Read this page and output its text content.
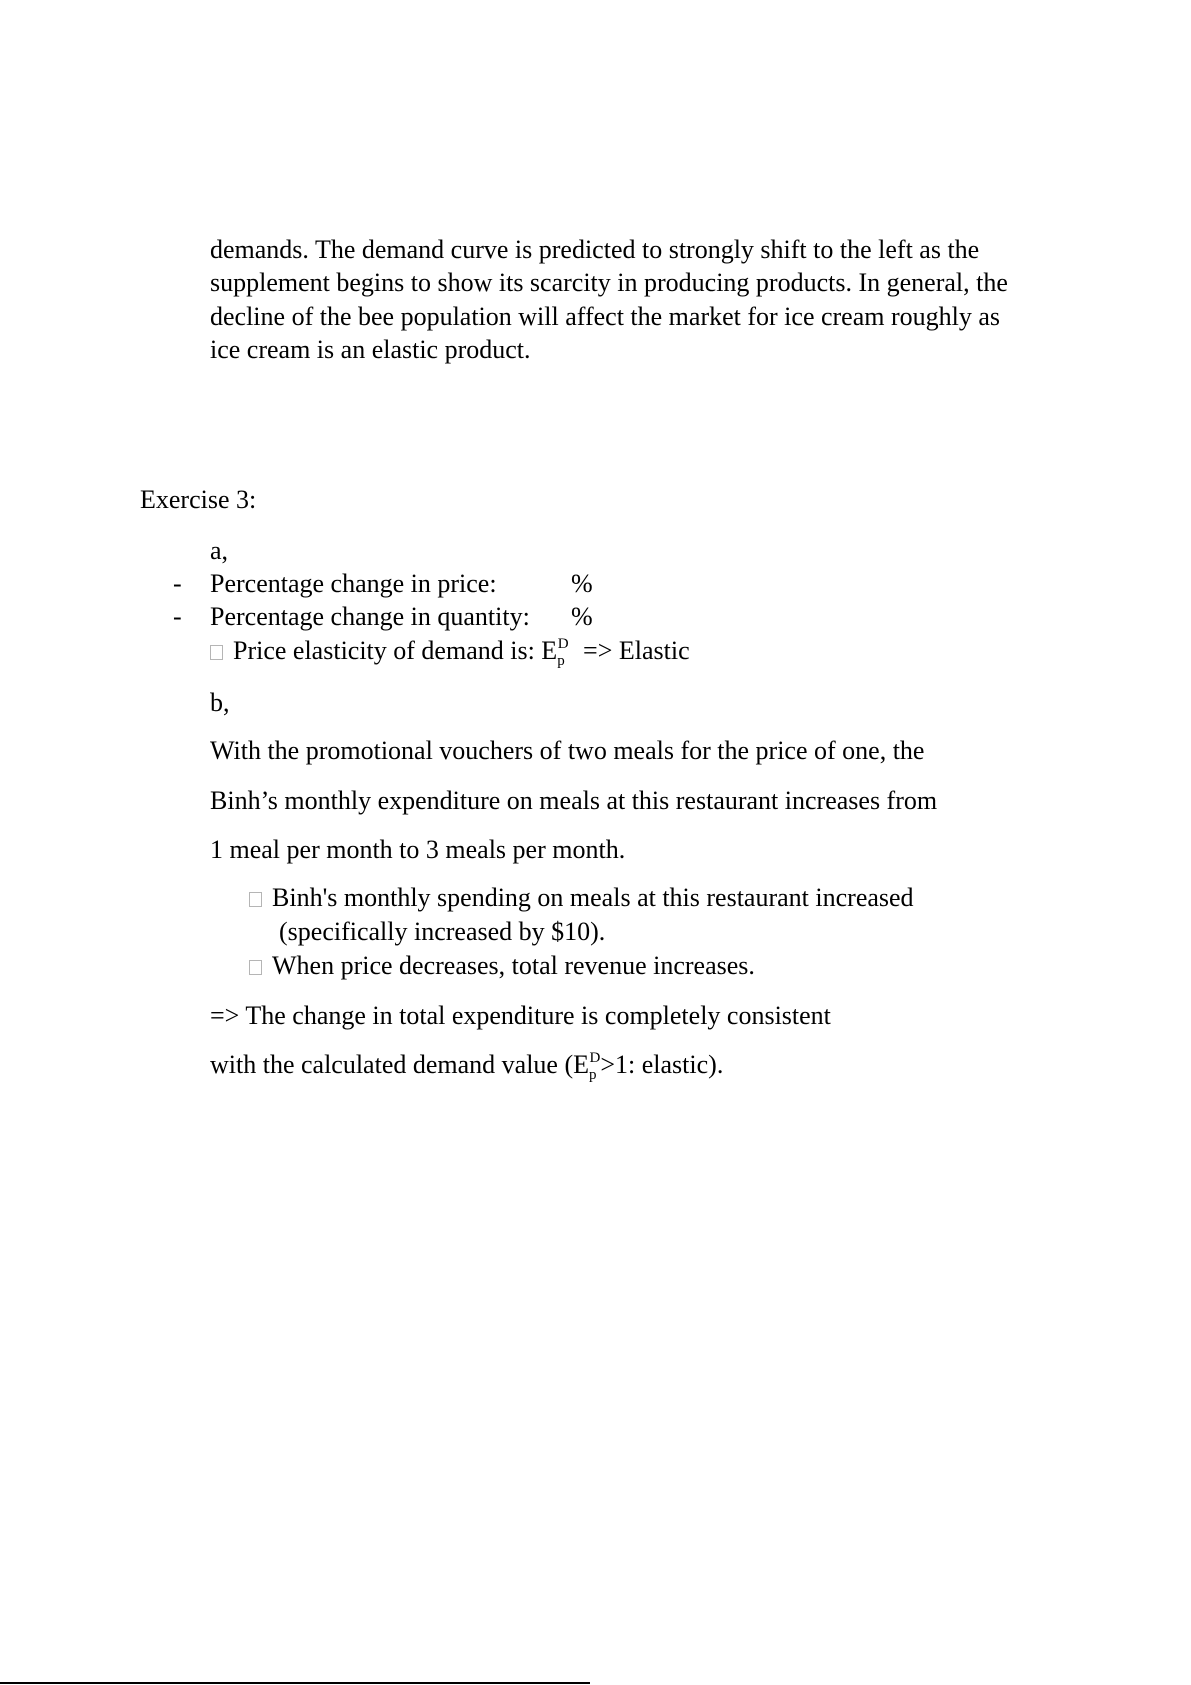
demands. The demand curve is predicted to strongly shift to the left as the
supplement begins to show its scarcity in producing products. In general, the
decline of the bee population will affect the market for ice cream roughly as
ice cream is an elastic product.
Exercise 3:
a,
- Percentage change in price:	%
- Percentage change in quantity: %
Price elasticity of demand is: $E_p^D$ => Elastic
b,
With the promotional vouchers of two meals for the price of one, the
Binh’s monthly expenditure on meals at this restaurant increases from
1 meal per month to 3 meals per month.
Binh's monthly spending on meals at this restaurant increased
(specifically increased by $10).
When price decreases, total revenue increases.
=> The change in total expenditure is completely consistent
with the calculated demand value ($E_p^D>1$: elastic).
